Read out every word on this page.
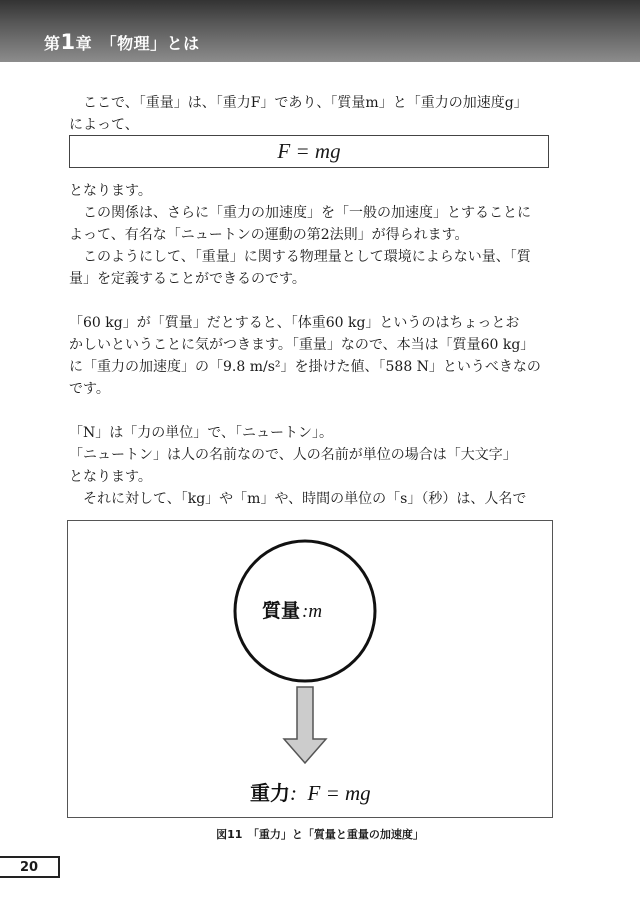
第1章　 「物理」とは
　ここで、「重量」は、「重力F」であり、「質量m」と「重力の加速度g」
によって、
F = mg
となります。
　この関係は、さらに「重力の加速度」を「一般の加速度」とすることに
よって、有名な「ニュートンの運動の第2法則」が得られます。
　このようにして、「重量」に関する物理量として環境によらない量、「質
量」を定義することができるのです。
「60 kg」が「質量」だとすると、「体重60 kg」というのはちょっとお
かしいということに気がつきます。「重量」なので、本当は「質量60 kg」
に「重力の加速度」の「9.8 m/s²」を掛けた値、「588 N」というべきなの
です。
「N」は「力の単位」で、「ニュートン」。
「ニュートン」は人の名前なので、人の名前が単位の場合は「大文字」
となります。
　それに対して、「kg」や「m」や、時間の単位の「s」（秒）は、人名で
質量 :m
重力 :  F = mg
図11　「重力」と「質量と重量の加速度」
20
